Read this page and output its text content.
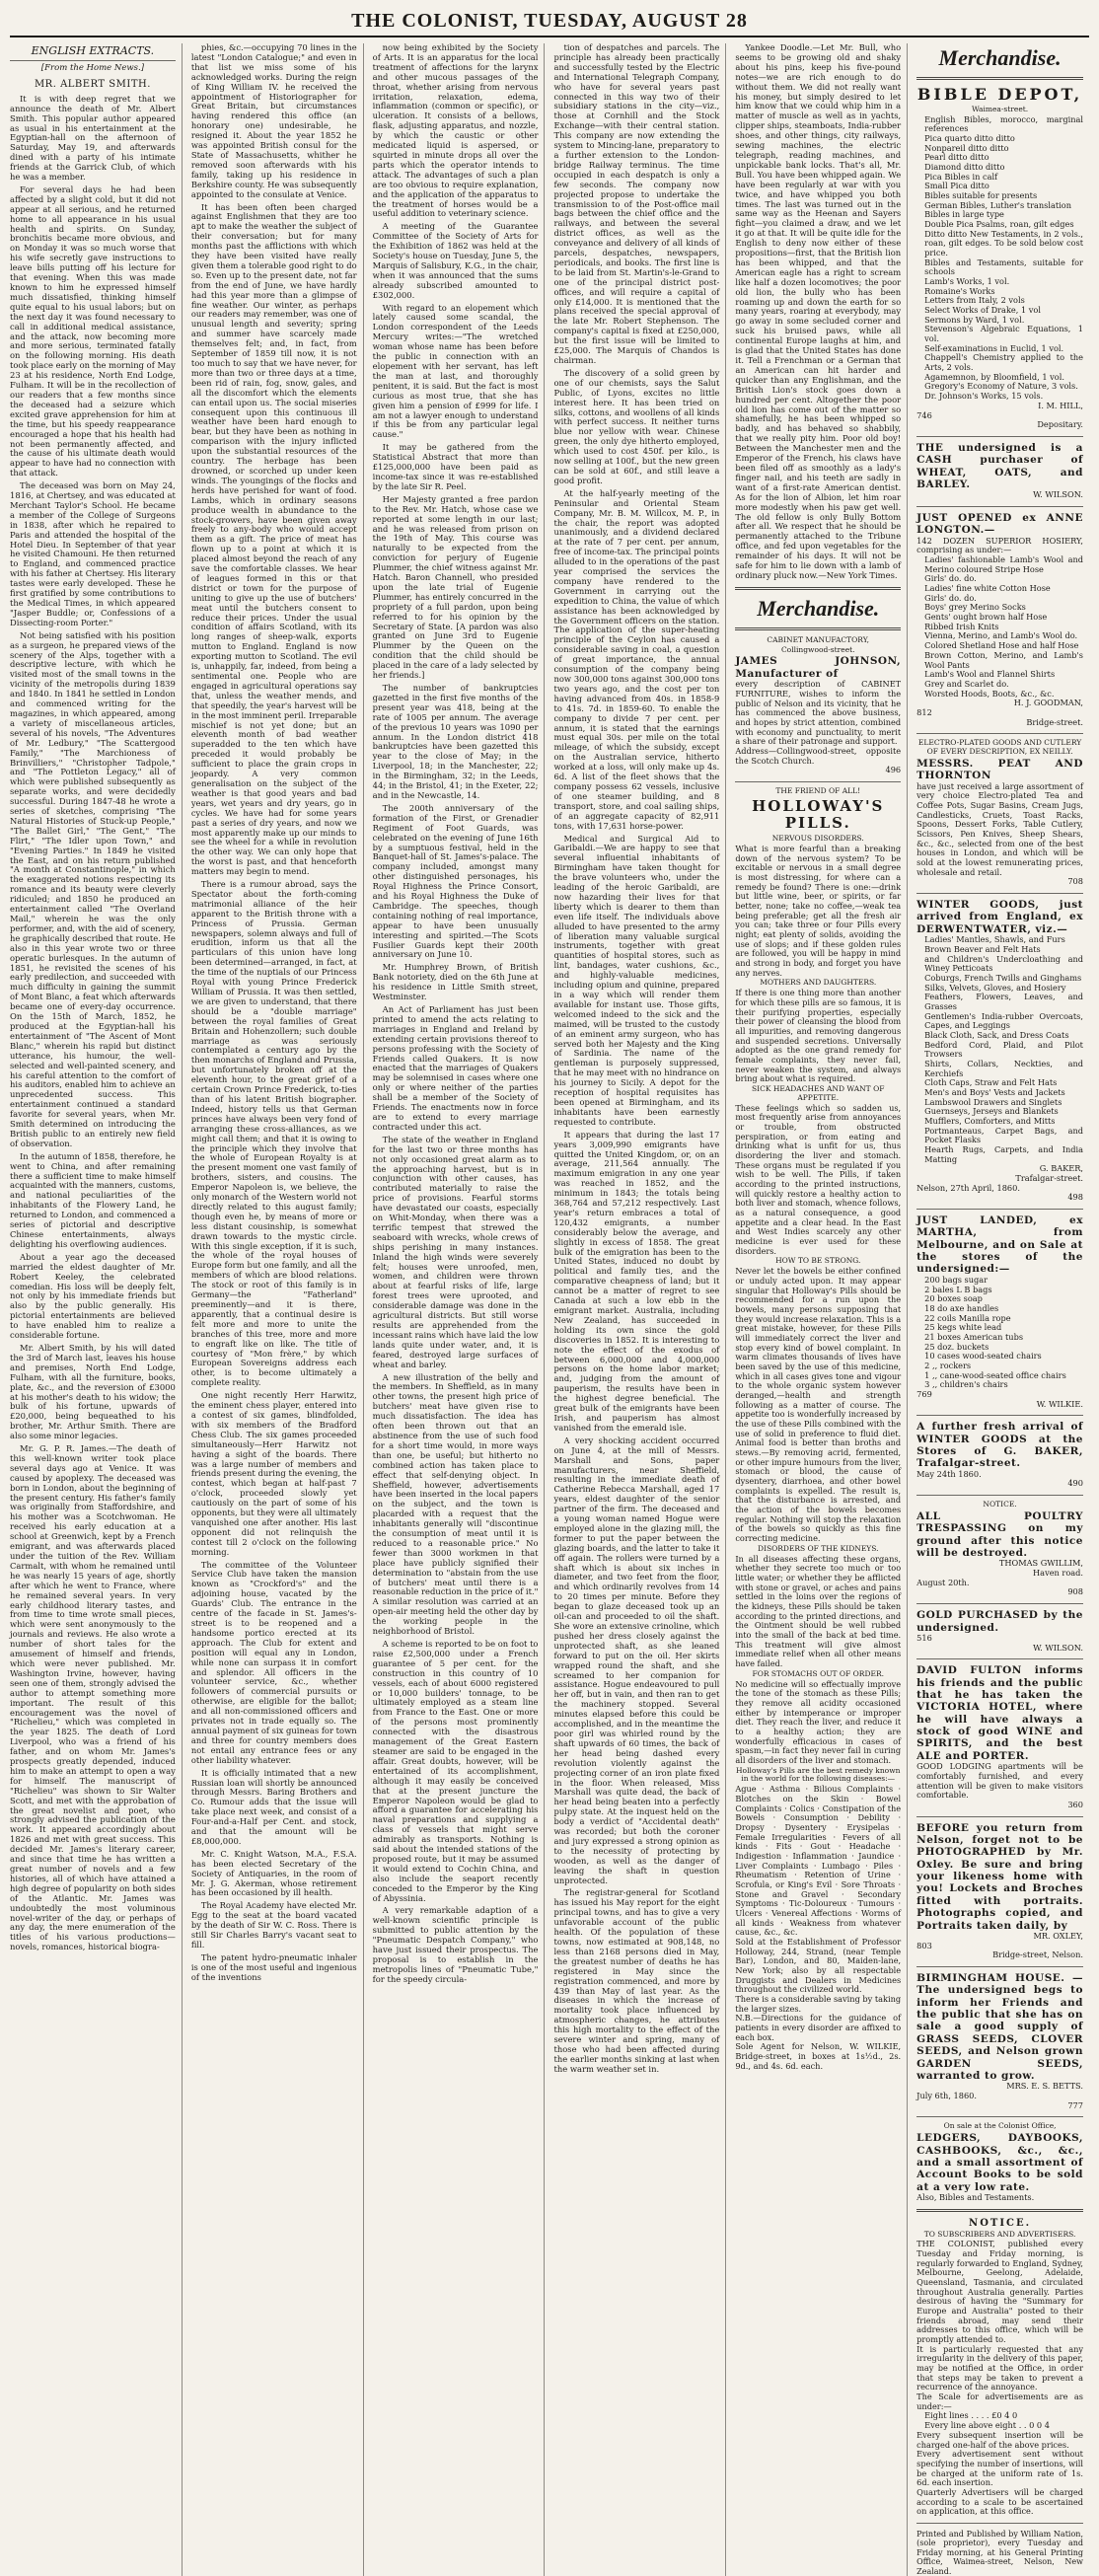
THE COLONIST, TUESDAY, AUGUST 28
ENGLISH EXTRACTS.
[From the Home News.]
MR. ALBERT SMITH.

It is with deep regret that we announce the death of Mr. Albert Smith. This popular author appeared as usual in his entertainment at the Egyptian-hall on the afternoon of Saturday, May 19, and afterwards dined with a party of his intimate friends at the Garrick Club, of which he was a member.

For several days he had been affected by a slight cold, but it did not appear at all serious, and he returned home to all appearance in his usual health and spirits. On Sunday, bronchitis became more obvious, and on Monday it was so much worse that his wife secretly gave instructions to leave bills putting off his lecture for that evening. When this was made known to him he expressed himself much dissatisfied, thinking himself quite equal to his usual labors; but on the next day it was found necessary to call in additional medical assistance, and the attack, now becoming more and more serious, terminated fatally on the following morning. His death took place early on the morning of May 23 at his residence, North End Lodge, Fulham. It will be in the recollection of our readers that a few months since the deceased had a seizure which excited grave apprehension for him at the time, but his speedy reappearance encouraged a hope that his health had not been permanently affected, and the cause of his ultimate death would appear to have had no connection with that attack.

The deceased was born on May 24, 1816, at Chertsey, and was educated at Merchant Taylor's School. He became a member of the College of Surgeons in 1838, after which he repaired to Paris and attended the hospital of the Hotel Dieu. In September of that year he visited Chamouni. He then returned to England, and commenced practice with his father at Chertsey. His literary tastes were early developed. These he first gratified by some contributions to the Medical Times, in which appeared "Jasper Buddle; or, Confessions of a Dissecting-room Porter."

Not being satisfied with his position as a surgeon, he prepared views of the scenery of the Alps, together with a descriptive lecture, with which he visited most of the small towns in the vicinity of the metropolis during 1839 and 1840. In 1841 he settled in London and commenced writing for the magazines, in which appeared, among a variety of miscellaneous articles, several of his novels, "The Adventures of Mr. Ledbury," "The Scattergood Family," "The Marchioness of Brinvilliers," "Christopher Tadpole," and "The Pottleton Legacy," all of which were published subsequently as separate works, and were decidedly successful. During 1847-48 he wrote a series of sketches, comprising "The Natural Histories of Stuck-up People," "The Ballet Girl," "The Gent," "The Flirt," "The Idler upon Town," and "Evening Parties." In 1849 he visited the East, and on his return published "A month at Constantinople," in which the exaggerated notions respecting its romance and its beauty were cleverly ridiculed; and 1850 he produced an entertainment called "The Overland Mail," wherein he was the only performer, and, with the aid of scenery, he graphically described that route. He also in this year wrote two or three operatic burlesques. In the autumn of 1851, he revisited the scenes of his early predilection, and succeeded with much difficulty in gaining the summit of Mont Blanc, a feat which afterwards became one of every-day occurrence. On the 15th of March, 1852, he produced at the Egyptian-hall his entertainment of "The Ascent of Mont Blanc," wherein his rapid but distinct utterance, his humour, the well-selected and well-painted scenery, and his careful attention to the comfort of his auditors, enabled him to achieve an unprecedented success. This entertainment continued a standard favorite for several years, when Mr. Smith determined on introducing the British public to an entirely new field of observation.

In the autumn of 1858, therefore, he went to China, and after remaining there a sufficient time to make himself acquainted with the manners, customs, and national peculiarities of the inhabitants of the Flowery Land, he returned to London, and commenced a series of pictorial and descriptive Chinese entertainments, always delighting his overflowing audiences.

About a year ago the deceased married the eldest daughter of Mr. Robert Keeley, the celebrated comedian. His loss will be deeply felt, not only by his immediate friends but also by the public generally. His pictorial entertainments are believed to have enabled him to realize a considerable fortune.

Mr. Albert Smith, by his will dated the 3rd of March last, leaves his house and premises, North End Lodge, Fulham, with all the furniture, books, plate, &c., and the reversion of £3000 at his mother's death to his widow; the bulk of his fortune, upwards of £20,000, being bequeathed to his brother, Mr. Arthur Smith. There are also some minor legacies.

Mr. G. P. R. James.—The death of this well-known writer took place several days ago at Venice. It was caused by apoplexy. The deceased was born in London, about the beginning of the present century. His father's family was originally from Staffordshire, and his mother was a Scotchwoman. He received his early education at a school at Greenwich, kept by a French emigrant, and was afterwards placed under the tuition of the Rev. William Carmalt, with whom he remained until he was nearly 15 years of age, shortly after which he went to France, where he remained several years. In very early childhood literary tastes, and from time to time wrote small pieces, which were sent anonymously to the journals and reviews. He also wrote a number of short tales for the amusement of himself and friends, which were never published. Mr. Washington Irvine, however, having seen one of them, strongly advised the author to attempt something more important. The result of this encouragement was the novel of "Richelieu," which was completed in the year 1825. The death of Lord Liverpool, who was a friend of his father, and on whom Mr. James's prospects greatly depended, induced him to make an attempt to open a way for himself. The manuscript of "Richelieu" was shown to Sir Walter Scott, and met with the approbation of the great novelist and poet, who strongly advised the publication of the work. It appeared accordingly about 1826 and met with great success. This decided Mr. James's literary career, and since that time he has written a great number of novels and a few histories, all of which have attained a high degree of popularity on both sides of the Atlantic. Mr. James was undoubtedly the most voluminous novel-writer of the day, or perhaps of any day, the mere enumeration of the titles of his various productions—novels, romances, historical biogra-

phies, &c.—occupying 70 lines in the latest "London Catalogue;" and even in that list we miss some of his acknowledged works. During the reign of King William IV. he received the appointment of Historiographer for Great Britain, but circumstances having rendered this office (an honorary one) undesirable, he resigned it. About the year 1852 he was appointed British consul for the State of Massachusetts, whither he removed soon afterwards with his family, taking up his residence in Berkshire county. He was subsequently appointed to the consulate at Venice.

It has been often been charged against Englishmen that they are too apt to make the weather the subject of their conversation; but for many months past the afflictions with which they have been visited have really given them a tolerable good right to do so. Even up to the present date, not far from the end of June, we have hardly had this year more than a glimpse of fine weather. Our winter, as perhaps our readers may remember, was one of unusual length and severity; spring and summer have scarcely made themselves felt; and, in fact, from September of 1859 till now, it is not too much to say that we have never, for more than two or three days at a time, been rid of rain, fog, snow, gales, and all the discomfort which the elements can entail upon us. The social miseries consequent upon this continuous ill weather have been hard enough to bear, but they have been as nothing in comparison with the injury inflicted upon the substantial resources of the country. The herbage has been drowned, or scorched up under keen winds. The youngings of the flocks and herds have perished for want of food. Lambs, which in ordinary seasons produce wealth in abundance to the stock-growers, have been given away freely to any-body who would accept them as a gift. The price of meat has flown up to a point at which it is placed almost beyond the reach of any save the comfortable classes. We hear of leagues formed in this or that district or town for the purpose of uniting to give up the use of butchers' meat until the butchers consent to reduce their prices. Under the usual condition of affairs Scotland, with its long ranges of sheep-walk, exports mutton to England. England is now exporting mutton to Scotland. The evil is, unhappily, far, indeed, from being a sentimental one. People who are engaged in agricultural operations say that, unless the weather mends, and that speedily, the year's harvest will be in the most imminent peril. Irreparable mischief is not yet done; but an eleventh month of bad weather superadded to the ten which have preceded it would probably be sufficient to place the grain crops in jeopardy. A very common generalisation on the subject of the weather is that good years and bad years, wet years and dry years, go in cycles. We have had for some years past a series of dry years, and now we most apparently make up our minds to see the wheel for a while in revolution the other way. We can only hope that the worst is past, and that henceforth matters may begin to mend.

There is a rumour abroad, says the Spectator about the forth-coming matrimonial alliance of the heir apparent to the British throne with a Princess of Prussia. German newspapers, solemn always and full of erudition, inform us that all the particulars of this union have long been determined—arranged, in fact, at the time of the nuptials of our Princess Royal with young Prince Frederick William of Prussia. It was then settled, we are given to understand, that there should be a "double marriage" between the royal families of Great Britain and Hohenzollern; such double marriage as was seriously contemplated a century ago by the then monarchs of England and Prussia, but unfortunately broken off at the eleventh hour, to the great grief of a certain Crown Prince Frederick, to-ties than of his latent British biographer. Indeed, history tells us that German princes have always been very fond of arranging these cross-alliances, as we might call them; and that it is owing to the principle which they involve that the whole of European Royalty is at the present moment one vast family of brothers, sisters, and cousins. The Emperor Napoleon is, we believe, the only monarch of the Western world not directly related to this august family; though even he, by means of more or less distant cousinship, is somewhat drawn towards to the mystic circle. With this single exception, if it is such, the whole of the royal houses of Europe form but one family, and all the members of which are blood relations. The stock or root of this family is in Germany—the "Fatherland" preeminently—and it is there, apparently, that a continual desire is felt more and more to unite the branches of this tree, more and more to engraft like on like. The title of courtesy of "Mon frère," by which European Sovereigns address each other, is to become ultimately a complete reality.

One night recently Herr Harwitz, the eminent chess player, entered into a contest of six games, blindfolded, with six members of the Bradford Chess Club. The six games proceeded simultaneously—Herr Harwitz not having a sight of the boards. There was a large number of members and friends present during the evening, the contest, which began at half-past 7 o'clock, proceeded slowly yet cautiously on the part of some of his opponents, but they were all ultimately vanquished one after another. His last opponent did not relinquish the contest till 2 o'clock on the following morning.

The committee of the Volunteer Service Club have taken the mansion known as "Crockford's" and the adjoining house, vacated by the Guards' Club. The entrance in the centre of the facade in St. James's-street is to be reopened and a handsome portico erected at its approach. The Club for extent and position will equal any in London, while none can surpass it in comfort and splendor. All officers in the volunteer service, &c., whether followers of commercial pursuits or otherwise, are eligible for the ballot; and all non-commissioned officers and privates not in trade equally so. The annual payment of six guineas for town and three for country members does not entail any entrance fees or any other liability whatever.

It is officially intimated that a new Russian loan will shortly be announced through Messrs. Baring Brothers and Co. Rumour adds that the issue will take place next week, and consist of a Four-and-a-Half per Cent. and stock, and that the amount will be £8,000,000.

Mr. C. Knight Watson, M.A., F.S.A. has been elected Secretary of the Society of Antiquaries, in the room of Mr. J. G. Akerman, whose retirement has been occasioned by ill health.

The Royal Academy have elected Mr. Egg to the seat at the board vacated by the death of Sir W. C. Ross. There is still Sir Charles Barry's vacant seat to fill.

The patent hydro-pneumatic inhaler is one of the most useful and ingenious of the inventions

now being exhibited by the Society of Arts. It is an apparatus for the local treatment of affections for the larynx and other mucous passages of the throat, whether arising from nervous irritation, relaxation, edema, inflammation (common or specific), or ulceration. It consists of a bellows, flask, adjusting apparatus, and nozzle, by which the caustic or other medicated liquid is aspersed, or squirted in minute drops all over the parts which the operator intends to attack. The advantages of such a plan are too obvious to require explanation, and the application of the apparatus to the treatment of horses would be a useful addition to veterinary science.

A meeting of the Guarantee Committee of the Society of Arts for the Exhibition of 1862 was held at the Society's house on Tuesday, June 5, the Marquis of Salisbury, K.G., in the chair, when it was announced that the sums already subscribed amounted to £302,000.

With regard to an elopement which lately caused some scandal, the London correspondent of the Leeds Mercury writes:—"The wretched woman whose name has been before the public in connection with an elopement with her servant, has left the man at last, and thoroughly penitent, it is said. But the fact is most curious as most true, that she has given him a pension of £999 for life. I am not a lawyer enough to understand if this be from any particular legal cause."

It may be gathered from the Statistical Abstract that more than £125,000,000 have been paid as income-tax since it was re-established by the late Sir R. Peel.

Her Majesty granted a free pardon to the Rev. Mr. Hatch, whose case we reported at some length in our last; and he was released from prison on the 19th of May. This course was naturally to be expected from the conviction for perjury of Eugenie Plummer, the chief witness against Mr. Hatch. Baron Channell, who presided upon the late trial of Eugenie Plummer, has entirely concurred in the propriety of a full pardon, upon being referred to for his opinion by the Secretary of State. [A pardon was also granted on June 3rd to Eugenie Plummer by the Queen on the condition that the child should be placed in the care of a lady selected by her friends.]

The number of bankruptcies gazetted in the first five months of the present year was 418, being at the rate of 1005 per annum. The average of the previous 10 years was 1090 per annum. In the London district 418 bankruptcies have been gazetted this year to the close of May; in the Liverpool, 18; in the Manchester, 22; in the Birmingham, 32; in the Leeds, 44; in the Bristol, 41; in the Exeter, 22; and in the Newcastle, 14.

The 200th anniversary of the formation of the First, or Grenadier Regiment of Foot Guards, was celebrated on the evening of June 16th by a sumptuous festival, held in the Banquet-hall of St. James's-palace. The company included, amongst many other distinguished personages, his Royal Highness the Prince Consort, and his Royal Highness the Duke of Cambridge. The speeches, though containing nothing of real importance, appear to have been unusually interesting and spirited.—The Scots Fusilier Guards kept their 200th anniversary on June 10.

Mr. Humphrey Brown, of British Bank notoriety, died on the 6th June at his residence in Little Smith street, Westminster.

An Act of Parliament has just been printed to amend the acts relating to marriages in England and Ireland by extending certain provisions thereof to persons professing with the Society of Friends called Quakers. It is now enacted that the marriages of Quakers may be solemnised in cases where one only or where neither of the parties shall be a member of the Society of Friends. The enactments now in force are to extend to every marriage contracted under this act.

The state of the weather in England for the last two or three months has not only occasioned great alarm as to the approaching harvest, but is in conjunction with other causes, has contributed materially to raise the price of provisions. Fearful storms have devastated our coasts, especially on Whit-Monday, when there was a terrific tempest that strewed the seaboard with wrecks, whole crews of ships perishing in many instances. Inland the high winds were severely felt; houses were unroofed, men, women, and children were thrown about at fearful risks of life, large forest trees were uprooted, and considerable damage was done in the agricultural districts. But still worse results are apprehended from the incessant rains which have laid the low lands quite under water, and, it is feared, destroyed large surfaces of wheat and barley.

A new illustration of the belly and the members. In Sheffield, as in many other towns, the present high price of butchers' meat have given rise to much dissatisfaction. The idea has often been thrown out that an abstinence from the use of such food for a short time would, in more ways than one, be useful; but hitherto no combined action has taken place to effect that self-denying object. In Sheffield, however, advertisements have been inserted in the local papers on the subject, and the town is placarded with a request that the inhabitants generally will "discontinue the consumption of meat until it is reduced to a reasonable price." No fewer than 3000 workmen in that place have publicly signified their determination to "abstain from the use of butchers' meat until there is a reasonable reduction in the price of it." A similar resolution was carried at an open-air meeting held the other day by the working people in the neighborhood of Bristol.

A scheme is reported to be on foot to raise £2,500,000 under a French guarantee of 5 per cent. for the construction in this country of 10 vessels, each of about 6000 registered or 10,000 builders' tonnage, to be ultimately employed as a steam line from France to the East. One or more of the persons most prominently connected with the disastrous management of the Great Eastern steamer are said to be engaged in the affair. Great doubts, however, will be entertained of its accomplishment, although it may easily be conceived that at the present juncture the Emperor Napoleon would be glad to afford a guarantee for accelerating his naval preparations and supplying a class of vessels that might serve admirably as transports. Nothing is said about the intended stations of the proposed route, but it may be assumed it would extend to Cochin China, and also include the seaport recently conceded to the Emperor by the King of Abyssinia.

A very remarkable adaption of a well-known scientific principle is submitted to public attention by the "Pneumatic Despatch Company," who have just issued their prospectus. The proposal is to establish in the metropolis lines of "Pneumatic Tube," for the speedy circula-

tion of despatches and parcels. The principle has already been practically and successfully tested by the Electric and International Telegraph Company, who have for several years past connected in this way two of their subsidiary stations in the city—viz., those at Cornhill and the Stock Exchange—with their central station. This company are now extending the system to Mincing-lane, preparatory to a further extension to the London-bridge Railway terminus. The time occupied in each despatch is only a few seconds. The company now projected propose to undertake the transmission to of the Post-office mail bags between the chief office and the railways, and between the several district offices, as well as the conveyance and delivery of all kinds of parcels, despatches, newspapers, periodicals, and books. The first line is to be laid from St. Martin's-le-Grand to one of the principal district post-offices, and will require a capital of only £14,000. It is mentioned that the plans received the special approval of the late Mr. Robert Stephenson. The company's capital is fixed at £250,000, but the first issue will be limited to £25,000. The Marquis of Chandos is chairman.

The discovery of a solid green by one of our chemists, says the Salut Public, of Lyons, excites no little interest here. It has been tried on silks, cottons, and woollens of all kinds with perfect success. It neither turns blue nor yellow with wear. Chinese green, the only dye hitherto employed, which used to cost 450f. per kilo., is now selling at 100f., but the new green can be sold at 60f., and still leave a good profit.

At the half-yearly meeting of the Peninsular and Oriental Steam Company, Mr. B. M. Willcox, M. P., in the chair, the report was adopted unanimously, and a dividend declared at the rate of 7 per cent. per annum, free of income-tax. The principal points alluded to in the operations of the past year comprised the services the company have rendered to the Government in carrying out the expedition to China, the value of which assistance has been acknowledged by the Government officers on the station. The application of the super-heating principle of the Ceylon has caused a considerable saving in coal, a question of great importance, the annual consumption of the company being now 300,000 tons against 300,000 tons two years ago, and the cost per ton having advanced from 40s. in 1858-9 to 41s. 7d. in 1859-60. To enable the company to divide 7 per cent. per annum, it is stated that the earnings must equal 30s. per mile on the total mileage, of which the subsidy, except on the Australian service, hitherto worked at a loss, will only make up 4s. 6d. A list of the fleet shows that the company possess 62 vessels, inclusive of one steamer building, and 8 transport, store, and coal sailing ships, of an aggregate capacity of 82,911 tons, with 17,631 horse-power.

Medical and Surgical Aid to Garibaldi.—We are happy to see that several influential inhabitants of Birmingham have taken thought for the brave volunteers who, under the leading of the heroic Garibaldi, are now hazarding their lives for that liberty which is dearer to them than even life itself. The individuals above alluded to have presented to the army of liberation many valuable surgical instruments, together with great quantities of hospital stores, such as lint, bandages, water cushions, &c., and highly-valuable medicines, including opium and quinine, prepared in a way which will render them available for instant use. Those gifts, welcomed indeed to the sick and the maimed, will be trusted to the custody of an eminent army surgeon, who has served both her Majesty and the King of Sardinia. The name of the gentleman is purposely suppressed, that he may meet with no hindrance on his journey to Sicily. A depot for the reception of hospital requisites has been opened at Birmingham, and its inhabitants have been earnestly requested to contribute.

It appears that during the last 17 years 3,009,990 emigrants have quitted the United Kingdom, or, on an average, 211,564 annually. The maximum emigration in any one year was reached in 1852, and the minimum in 1843; the totals being 368,764 and 57,212 respectively. Last year's return embraces a total of 120,432 emigrants, a number considerably below the average, and slightly in excess of 1858. The great bulk of the emigration has been to the United States, induced no doubt by political and family ties, and the comparative cheapness of land; but it cannot be a matter of regret to see Canada at such a low ebb in the emigrant market. Australia, including New Zealand, has succeeded in holding its own since the gold discoveries in 1852. It is interesting to note the effect of the exodus of between 6,000,000 and 4,000,000 persons on the home labor market; and, judging from the amount of pauperism, the results have been in the highest degree beneficial. The great bulk of the emigrants have been Irish, and pauperism has almost vanished from the emerald isle.

A very shocking accident occurred on June 4, at the mill of Messrs. Marshall and Sons, paper manufacturers, near Sheffield, resulting in the immediate death of Catherine Rebecca Marshall, aged 17 years, eldest daughter of the senior partner of the firm. The deceased and a young woman named Hogue were employed alone in the glazing mill, the former to put the paper between the glazing boards, and the latter to take it off again. The rollers were turned by a shaft which is about six inches in diameter, and two feet from the floor, and which ordinarily revolves from 14 to 20 times per minute. Before they began to glaze deceased took up an oil-can and proceeded to oil the shaft. She wore an extensive crinoline, which pushed her dress closely against the unprotected shaft, as she leaned forward to put on the oil. Her skirts wrapped round the shaft, and she screamed to her companion for assistance. Hogue endeavoured to pull her off, but in vain, and then ran to get the machinery stopped. Several minutes elapsed before this could be accomplished, and in the meantime the poor girl was whirled round by the shaft upwards of 60 times, the back of her head being dashed every revolution violently against the projecting corner of an iron plate fixed in the floor. When released, Miss Marshall was quite dead, the back of her head being beaten into a perfectly pulpy state. At the inquest held on the body a verdict of "Accidental death" was recorded; but both the coroner and jury expressed a strong opinion as to the necessity of protecting by wooden, as well as the danger of leaving the shaft in question unprotected.

The registrar-general for Scotland has issued his May report for the eight principal towns, and has to give a very unfavorable account of the public health. Of the population of these towns, now estimated at 908,148, no less than 2168 persons died in May, the greatest number of deaths he has registered in May since the registration commenced, and more by 439 than May of last year. As the diseases in which the increase of mortality took place influenced by atmospheric changes, he attributes this high mortality to the effect of the severe winter and spring, many of those who had been affected during the earlier months sinking at last when the warm weather set in.

Yankee Doodle.—Let Mr. Bull, who seems to be growing old and shaky about his pins, keep his five-pound notes—we are rich enough to do without them. We did not really want his money, but simply desired to let him know that we could whip him in a matter of muscle as well as in yachts, clipper ships, steamboats, India-rubber shoes, and other things, city railways, sewing machines, the electric telegraph, reading machines, and unpickable bank locks. That's all, Mr. Bull. You have been whipped again. We have been regularly at war with you twice, and have whipped you both times. The last was turned out in the same way as the Heenan and Sayers fight—you claimed a draw, and we let it go at that. It will be quite idle for the English to deny now either of these propositions—first, that the British lion has been whipped, and that the American eagle has a right to scream like half a dozen locomotives; the poor old lion, the bully who has been roaming up and down the earth for so many years, roaring at everybody, may go away in some secluded corner and suck his bruised paws, while all continental Europe laughs at him, and is glad that the United States has done it. Tell a Frenchman or a German that an American can hit harder and quicker than any Englishman, and the British Lion's stock goes down a hundred per cent. Altogether the poor old lion has come out of the matter so shamefully, he has been whipped so badly, and has behaved so shabbily, that we really pity him. Poor old boy! Between the Manchester men and the Emperor of the French, his claws have been filed off as smoothly as a lady's finger nail, and his teeth are sadly in want of a first-rate American dentist. As for the lion of Albion, let him roar more modestly when his paw get well. The old fellow is only Bully Bottom after all. We respect that he should be permanently attached to the Tribune office, and fed upon vegetables for the remainder of his days. It will not be safe for him to lie down with a lamb of ordinary pluck now.—New York Times.

Merchandise.
CABINET MANUFACTORY,
Collingwood-street.
JAMES JOHNSON, Manufacturer of
every description of CABINET FURNITURE, wishes to inform the public of Nelson and its vicinity, that he has commenced the above business, and hopes by strict attention, combined with economy and punctuality, to merit a share of their patronage and support.
Address—Collingwood-street, opposite the Scotch Church.
496
THE FRIEND OF ALL!
HOLLOWAY'S PILLS.
NERVOUS DISORDERS.
What is more fearful than a breaking down of the nervous system? To be excitable or nervous in a small degree is most distressing, for where can a remedy be found? There is one:—drink but little wine, beer, or spirits, or far better, none; take no coffee,—weak tea being preferable; get all the fresh air you can; take three or four Pills every night; eat plenty of solids, avoiding the use of slops; and if these golden rules are followed, you will be happy in mind and strong in body, and forget you have any nerves.
MOTHERS AND DAUGHTERS.
If there is one thing more than another for which these pills are so famous, it is their purifying properties, especially their power of cleansing the blood from all impurities, and removing dangerous and suspended secretions. Universally adopted as the one grand remedy for female complaints, they never fail, never weaken the system, and always bring about what is required.
SICK HEADACHES AND WANT OF APPETITE.
These feelings which so sadden us, most frequently arise from annoyances or trouble, from obstructed perspiration, or from eating and drinking what is unfit for us, thus disordering the liver and stomach. These organs must be regulated if you wish to be well. The Pills, if taken according to the printed instructions, will quickly restore a healthy action to both liver and stomach, whence follows, as a natural consequence, a good appetite and a clear head. In the East and West Indies scarcely any other medicine is ever used for these disorders.
HOW TO BE STRONG.
Never let the bowels be either confined or unduly acted upon. It may appear singular that Holloway's Pills should be recommended for a run upon the bowels, many persons supposing that they would increase relaxation. This is a great mistake, however, for these Pills will immediately correct the liver and stop every kind of bowel complaint. In warm climates thousands of lives have been saved by the use of this medicine, which in all cases gives tone and vigour to the whole organic system however deranged,—health and strength following as a matter of course. The appetite too is wonderfully increased by the use of these Pills combined with the use of solid in preference to fluid diet. Animal food is better than broths and stews.—By removing acrid, fermented, or other impure humours from the liver, stomach or blood, the cause of dysentery, diarrhoea, and other bowel complaints is expelled. The result is, that the disturbance is arrested, and the action of the bowels becomes regular. Nothing will stop the relaxation of the bowels so quickly as this fine correcting medicine.
DISORDERS OF THE KIDNEYS.
In all diseases affecting these organs, whether they secrete too much or too little water; or whether they be afflicted with stone or gravel, or aches and pains settled in the loins over the regions of the kidneys, these Pills should be taken according to the printed directions, and the Ointment should be well rubbed into the small of the back at bed time. This treatment will give almost immediate relief when all other means have failed.
FOR STOMACHS OUT OF ORDER.
No medicine will so effectually improve the tone of the stomach as these Pills; they remove all acidity occasioned either by intemperance or improper diet. They reach the liver, and reduce it to a healthy action; they are wonderfully efficacious in cases of spasm,—in fact they never fail in curing all disorders of the liver and stomach.
Holloway's Pills are the best remedy known in the world for the following diseases:—
Ague · Asthma · Bilious Complaints · Blotches on the Skin · Bowel Complaints · Colics · Constipation of the Bowels · Consumption · Debility · Dropsy · Dysentery · Erysipelas · Female Irregularities · Fevers of all kinds · Fits · Gout · Headache · Indigestion · Inflammation · Jaundice · Liver Complaints · Lumbago · Piles · Rheumatism · Retention of Urine · Scrofula, or King's Evil · Sore Throats · Stone and Gravel · Secondary Symptoms · Tic-Doloureux · Tumours · Ulcers · Venereal Affections · Worms of all kinds · Weakness from whatever cause, &c., &c.
Sold at the Establishment of Professor Holloway, 244, Strand, (near Temple Bar), London, and 80, Maiden-lane, New York; also by all respectable Druggists and Dealers in Medicines throughout the civilized world.
There is a considerable saving by taking the larger sizes.
N.B.—Directions for the guidance of patients in every disorder are affixed to each box.
Sole Agent for Nelson, W. WILKIE, Bridge-street, in boxes at 1s½d., 2s. 9d., and 4s. 6d. each.
Merchandise.
BIBLE DEPOT,
Waimea-street.
English Bibles, morocco, marginal references
Pica quarto ditto ditto
Nonpareil ditto ditto
Pearl ditto ditto
Diamond ditto ditto
Pica Bibles in calf
Small Pica ditto
Bibles suitable for presents
German Bibles, Luther's translation
Bibles in large type
Double Pica Psalms, roan, gilt edges
Ditto ditto New Testaments, in 2 vols., roan, gilt edges. To be sold below cost price.
Bibles and Testaments, suitable for schools
Lamb's Works, 1 vol.
Romaine's Works
Letters from Italy, 2 vols
Select Works of Drake, 1 vol
Sermons by Ward, 1 vol.
Stevenson's Algebraic Equations, 1 vol.
Self-examinations in Euclid, 1 vol.
Chappell's Chemistry applied to the Arts, 2 vols.
Agamemnon, by Bloomfield, 1 vol.
Gregory's Economy of Nature, 3 vols.
Dr. Johnson's Works, 15 vols.
I. M. HILL,
746
Depositary.
THE undersigned is a CASH purchaser of WHEAT, OATS, and BARLEY.
W. WILSON.
JUST OPENED ex ANNE LONGTON.—
142 DOZEN SUPERIOR HOSIERY, comprising as under:—
Ladies' fashionable Lamb's Wool and Merino coloured Stripe Hose
Girls' do. do.
Ladies' fine white Cotton Hose
Girls' do. do.
Boys' grey Merino Socks
Gents' ought brown half Hose
Ribbed Irish Knits
Vienna, Merino, and Lamb's Wool do.
Colored Shetland Hose and half Hose
Brown Cotton, Merino, and Lamb's Wool Pants
Lamb's Wool and Flannel Shirts
Grey and Scarlet do.
Worsted Hoods, Boots, &c., &c.
H. J. GOODMAN,
812
Bridge-street.
ELECTRO-PLATED GOODS AND CUTLERY OF EVERY DESCRIPTION, EX NEILLY.
MESSRS. PEAT AND THORNTON
have just received a large assortment of very choice Electro-plated Tea and Coffee Pots, Sugar Basins, Cream Jugs, Candlesticks, Cruets, Toast Racks, Spoons, Dessert Forks, Table Cutlery, Scissors, Pen Knives, Sheep Shears, &c., &c., selected from one of the best houses in London, and which will be sold at the lowest remunerating prices, wholesale and retail.
708
WINTER GOODS, just arrived from England, ex DERWENTWATER, viz.—
Ladies' Mantles, Shawls, and Furs
Brown Beaver and Felt Hats
and Children's Undercloathing and Winey Petticoats
Coburgs, French Twills and Ginghams
Silks, Velvets, Gloves, and Hosiery
Feathers, Flowers, Leaves, and Grasses
Gentlemen's India-rubber Overcoats, Capes, and Leggings
Black Cloth, Sack, and Dress Coats
Bedford Cord, Plaid, and Pilot Trowsers
Shirts, Collars, Neckties, and Kerchiefs
Cloth Caps, Straw and Felt Hats
Men's and Boys' Vests and Jackets
Lambswool Drawers and Singlets
Guernseys, Jerseys and Blankets
Mufflers, Comforters, and Mitts
Portmanteaus, Carpet Bags, and Pocket Flasks
Hearth Rugs, Carpets, and India Matting
G. BAKER,
Trafalgar-street.
Nelson, 27th April, 1860.
498
JUST LANDED, ex MARTHA, from Melbourne, and on Sale at the stores of the undersigned:—
200 bags sugar
2 bales L B bags
20 boxes soap
18 do axe handles
22 coils Manilla rope
25 kegs white lead
21 boxes American tubs
25 doz. buckets
10 cases wood-seated chairs
2 ,, rockers
1 ,, cane-wood-seated office chairs
3 ,, children's chairs
769
W. WILKIE.
A further fresh arrival of WINTER GOODS at the Stores of G. BAKER, Trafalgar-street.
May 24th 1860.
490
NOTICE.
ALL POULTRY TRESPASSING on my ground after this notice will be destroyed.
THOMAS GWILLIM,
Haven road.
August 20th.
908
GOLD PURCHASED by the undersigned.
516
W. WILSON.
DAVID FULTON informs his friends and the public that he has taken the VICTORIA HOTEL, where he will have always a stock of good WINE and SPIRITS, and the best ALE and PORTER.
GOOD LODGING apartments will be comfortably furnished, and every attention will be given to make visitors comfortable.
360
BEFORE you return from Nelson, forget not to be PHOTOGRAPHED by Mr. Oxley. Be sure and bring your likeness home with you! Lockets and Broches fitted with portraits. Photographs copied, and Portraits taken daily, by
MR. OXLEY,
803
Bridge-street, Nelson.
BIRMINGHAM HOUSE. — The undersigned begs to inform her Friends and the public that she has on sale a good supply of GRASS SEEDS, CLOVER SEEDS, and Nelson grown GARDEN SEEDS, warranted to grow.
MRS. E. S. BETTS.
July 6th, 1860.
777
On sale at the Colonist Office,
LEDGERS, DAYBOOKS, CASHBOOKS, &c., &c., and a small assortment of Account Books to be sold at a very low rate.
Also, Bibles and Testaments.
NOTICE.
TO SUBSCRIBERS AND ADVERTISERS.
THE COLONIST, published every Tuesday and Friday morning, is regularly forwarded to England, Sydney, Melbourne, Geelong, Adelaide, Queensland, Tasmania, and circulated throughout Australia generally. Parties desirous of having the "Summary for Europe and Australia" posted to their friends abroad, may send their addresses to this office, which will be promptly attended to.
It is particularly requested that any irregularity in the delivery of this paper, may be notified at the Office, in order that steps may be taken to prevent a recurrence of the annoyance.
The Scale for advertisements are as under:—
Eight lines . . . . £0 4 0
Every line above eight . . 0 0 4
Every subsequent insertion will be charged one-half of the above prices.
Every advertisement sent without specifying the number of insertions, will be charged at the uniform rate of 1s. 6d. each insertion.
Quarterly Advertisers will be charged according to a scale to be ascertained on application, at this office.
Printed and Published by William Nation, (sole proprietor), every Tuesday and Friday morning, at his General Printing Office, Waimea-street, Nelson, New Zealand.
